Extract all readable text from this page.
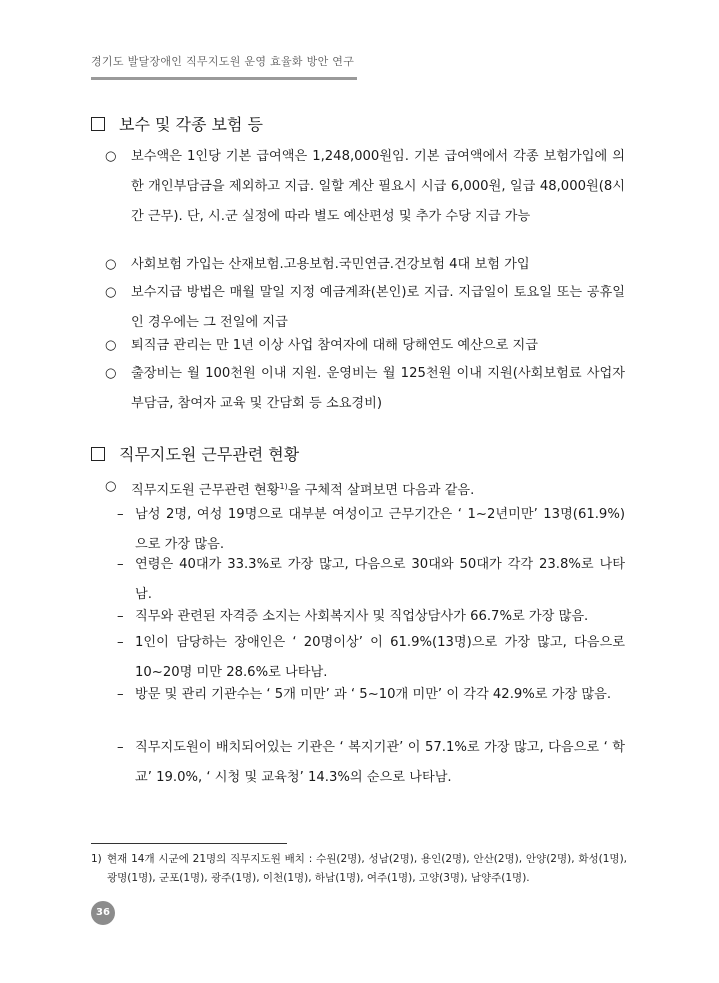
경기도 발달장애인 직무지도원 운영 효율화 방안 연구
보수 및 각종 보험 등
○	보수액은 1인당 기본 급여액은 1,248,000원임. 기본 급여액에서 각종 보험가입에 의한 개인부담금을 제외하고 지급. 일할 계산 필요시 시급 6,000원, 일급 48,000원(8시간 근무). 단, 시.군 실정에 따라 별도 예산편성 및 추가 수당 지급 가능
○	사회보험 가입는 산재보험.고용보험.국민연금.건강보험 4대 보험 가입
○	보수지급 방법은 매월 말일 지정 예금계좌(본인)로 지급. 지급일이 토요일 또는 공휴일인 경우에는 그 전일에 지급
○	퇴직금 관리는 만 1년 이상 사업 참여자에 대해 당해연도 예산으로 지급
○	출장비는 월 100천원 이내 지원. 운영비는 월 125천원 이내 지원(사회보험료 사업자부담금, 참여자 교육 및 간담회 등 소요경비)
직무지도원 근무관련 현황
○	직무지도원 근무관련 현황$^{1)}$을 구체적 살펴보면 다음과 같음.
– 남성 2명, 여성 19명으로 대부분 여성이고 근무기간은 ‘ 1~2년미만’ 13명(61.9%)으로 가장 많음.
– 연령은 40대가 33.3%로 가장 많고, 다음으로 30대와 50대가 각각 23.8%로 나타남.
– 직무와 관련된 자격증 소지는 사회복지사 및 직업상담사가 66.7%로 가장 많음.
– 1인이 담당하는 장애인은 ‘ 20명이상’ 이 61.9%(13명)으로 가장 많고, 다음으로 10~20명 미만 28.6%로 나타남.
– 방문 및 관리 기관수는 ‘ 5개 미만’ 과 ‘ 5~10개 미만’ 이 각각 42.9%로 가장 많음.
– 직무지도원이 배치되어있는 기관은 ‘ 복지기관’ 이 57.1%로 가장 많고, 다음으로 ‘ 학교’ 19.0%, ‘ 시청 및 교육청’ 14.3%의 순으로 나타남.
1) 현재 14개 시군에 21명의 직무지도원 배치 : 수원(2명), 성남(2명), 용인(2명), 안산(2명), 안양(2명), 화성(1명), 광명(1명), 군포(1명), 광주(1명), 이천(1명), 하남(1명), 여주(1명), 고양(3명), 남양주(1명).
36
